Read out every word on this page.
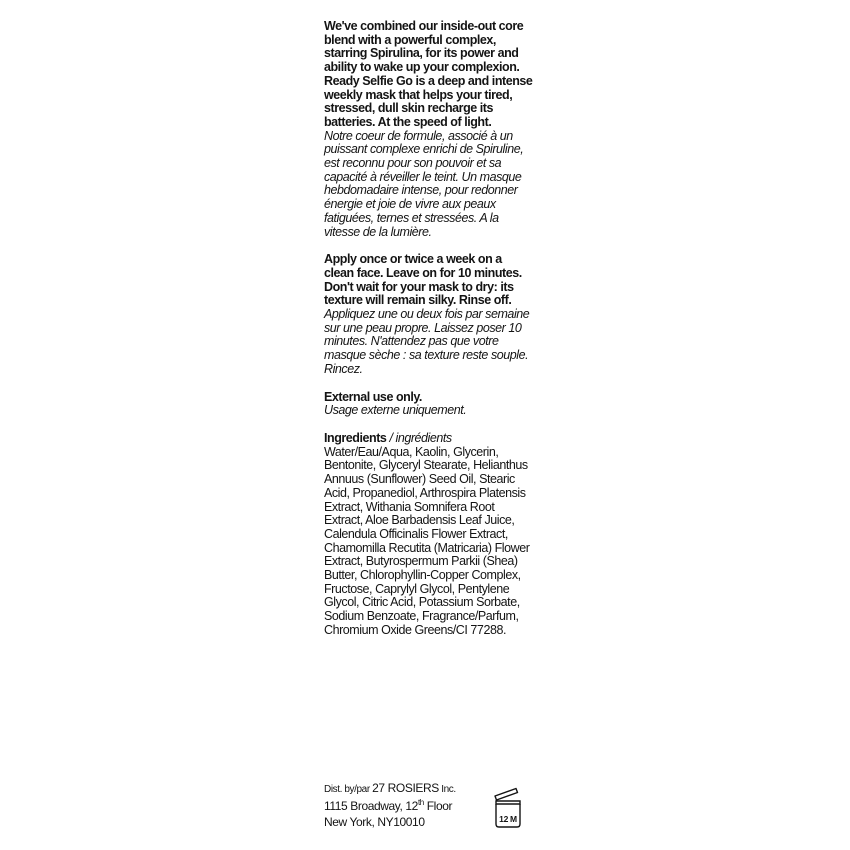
We've combined our inside-out core blend with a powerful complex, starring Spirulina, for its power and ability to wake up your complexion. Ready Selfie Go is a deep and intense weekly mask that helps your tired, stressed, dull skin recharge its batteries. At the speed of light.
Notre coeur de formule, associé à un puissant complexe enrichi de Spiruline, est reconnu pour son pouvoir et sa capacité à réveiller le teint. Un masque hebdomadaire intense, pour redonner énergie et joie de vivre aux peaux fatiguées, ternes et stressées. A la vitesse de la lumière.
Apply once or twice a week on a clean face. Leave on for 10 minutes. Don't wait for your mask to dry: its texture will remain silky. Rinse off.
Appliquez une ou deux fois par semaine sur une peau propre. Laissez poser 10 minutes. N'attendez pas que votre masque sèche : sa texture reste souple. Rincez.
External use only.
Usage externe uniquement.
Ingredients / ingrédients
Water/Eau/Aqua, Kaolin, Glycerin, Bentonite, Glyceryl Stearate, Helianthus Annuus (Sunflower) Seed Oil, Stearic Acid, Propanediol, Arthrospira Platensis Extract, Withania Somnifera Root Extract, Aloe Barbadensis Leaf Juice, Calendula Officinalis Flower Extract, Chamomilla Recutita (Matricaria) Flower Extract, Butyrospermum Parkii (Shea) Butter, Chlorophyllin-Copper Complex, Fructose, Caprylyl Glycol, Pentylene Glycol, Citric Acid, Potassium Sorbate, Sodium Benzoate, Fragrance/Parfum, Chromium Oxide Greens/CI 77288.
Dist. by/par 27 ROSIERS Inc.
1115 Broadway, 12th Floor
New York, NY10010	12 M
